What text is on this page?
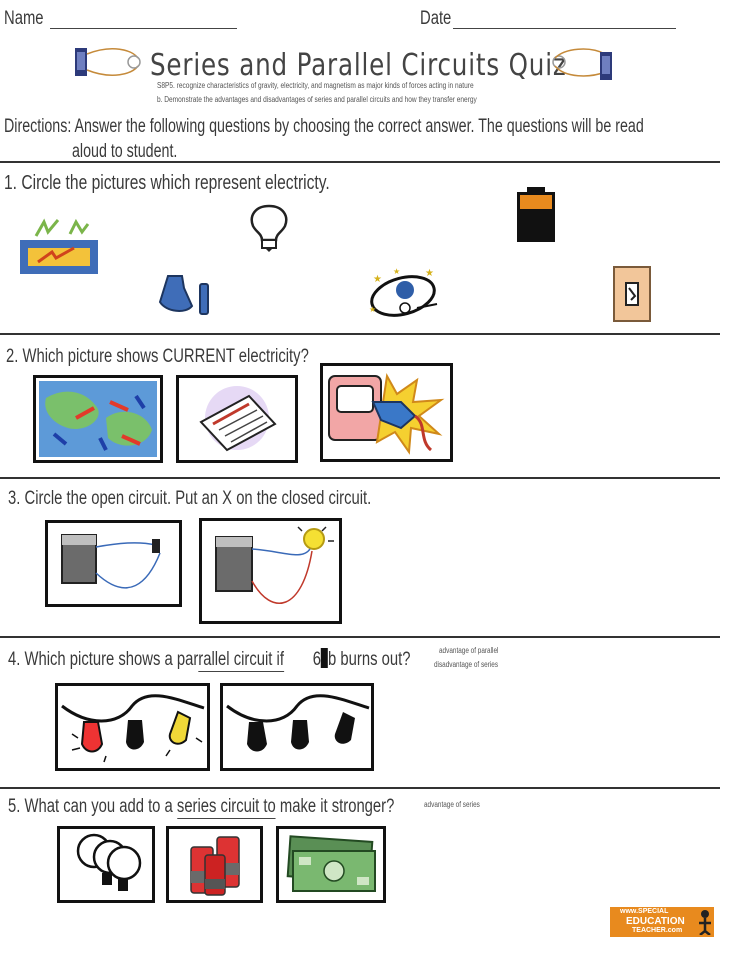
Name	Date
Series and Parallel Circuits Quiz
S8P5. recognize characteristics of gravity, electricity, and magnetism as major kinds of forces acting in nature
b. Demonstrate the advantages and disadvantages of series and parallel circuits and how they transfer energy
Directions: Answer the following questions by choosing the correct answer. The questions will be read
aloud to student.
1. Circle the pictures which represent electricty.
★
★
★
★
2. Which picture shows CURRENT electricity?
3. Circle the open circuit. Put an X on the closed circuit.
4. Which picture shows a parrallel circuit if 6 b burns out?	advantage of parallel
disadvantage of series
5. What can you add to a series circuit to make it stronger?	advantage of series
www.SPECIAL
EDUCATION
TEACHER.com
